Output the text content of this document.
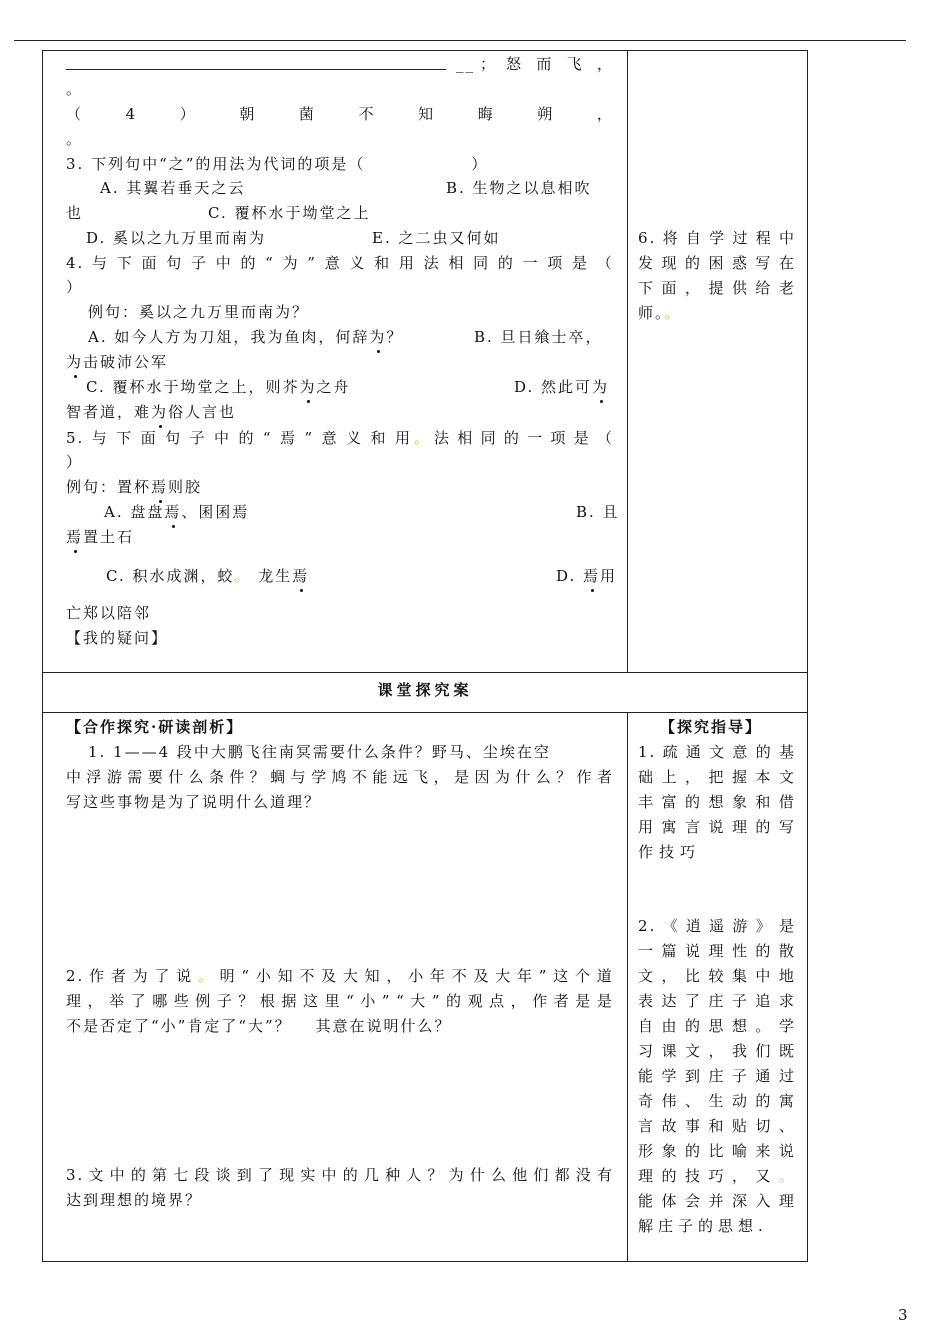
__ ； 怒 而 飞 ，
。
（	4	）	朝	菌	不	知	晦	朔	，
。
3. 下列句中“之”的用法为代词的项是（	）
A. 其翼若垂天之云	B. 生物之以息相吹
也	C. 覆杯水于坳堂之上
D. 奚以之九万里而南为	E. 之二虫又何如
4. 与 下 面 句 子 中 的 “ 为 ” 意 义 和 用 法 相 同 的 一 项 是 （
）
例句：奚以之九万里而南为？
A. 如今人方为刀俎，我为鱼肉，何辞为？	B. 旦日飨士卒，
为击破沛公军
C. 覆杯水于坳堂之上，则芥为之舟	D. 然此可为
智者道，难为俗人言也
5. 与 下 面 句 子 中 的 “ 焉 ” 意 义 和 用 。 法 相 同 的 一 项 是 （
）
例句：置杯焉则胶
A. 盘盘焉、囷囷焉	B. 且
焉置土石
C. 积水成渊，蛟。 龙生焉	D. 焉用
亡郑以陪邻
【我的疑问】
6. 将 自 学 过 程 中
发 现 的 困 惑 写 在
下 面 ， 提 供 给 老
师。。
课堂探究案
【合作探究·研读剖析】
1. 1——4 段中大鹏飞往南冥需要什么条件？野马、尘埃在空
中 浮 游 需 要 什 么 条 件 ？ 蜩 与 学 鸠 不 能 远 飞 ， 是 因 为 什 么 ？ 作 者
写这些事物是为了说明什么道理？
2. 作 者 为 了 说 。 明 “ 小 知 不 及 大 知 ， 小 年 不 及 大 年 ” 这 个 道
理 ， 举 了 哪 些 例 子 ？ 根 据 这 里 “ 小 ” “ 大 ” 的 观 点 ， 作 者 是 是
不是否定了“小”肯定了“大”？　 其意在说明什么？
3. 文 中 的 第 七 段 谈 到 了 现 实 中 的 几 种 人 ？ 为 什 么 他 们 都 没 有
达到理想的境界？
【探究指导】
1. 疏 通 文 意 的 基
础 上 ， 把 握 本 文
丰 富 的 想 象 和 借
用 寓 言 说 理 的 写
作技巧
2. 《 逍 遥 游 》 是
一 篇 说 理 性 的 散
文 ， 比 较 集 中 地
表 达 了 庄 子 追 求
自 由 的 思 想 。 学
习 课 文 ， 我 们 既
能 学 到 庄 子 通 过
奇 伟 、 生 动 的 寓
言 故 事 和 贴 切 、
形 象 的 比 喻 来 说
理 的 技 巧 ， 又 。
能 体 会 并 深 入 理
解庄子的思想.
3
